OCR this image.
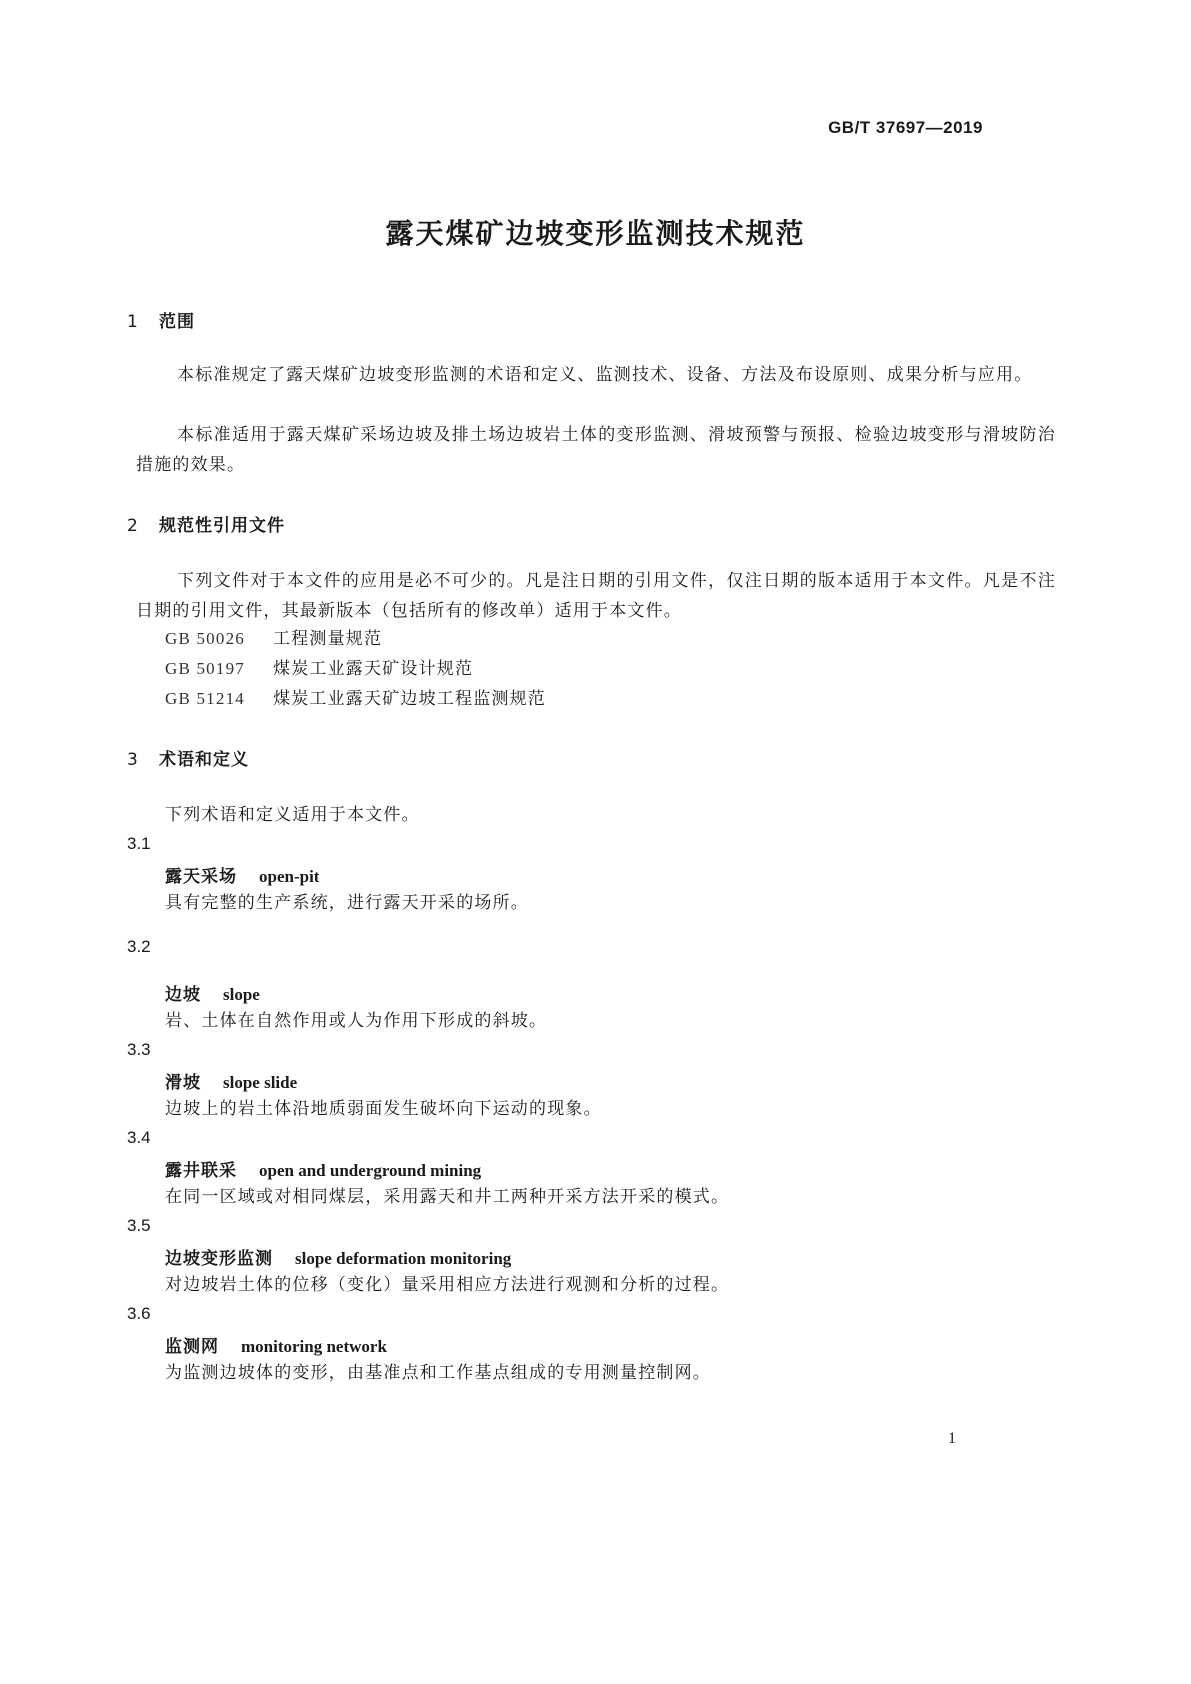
GB/T 37697—2019
露天煤矿边坡变形监测技术规范
1 范围
本标准规定了露天煤矿边坡变形监测的术语和定义、监测技术、设备、方法及布设原则、成果分析与应用。
本标准适用于露天煤矿采场边坡及排土场边坡岩土体的变形监测、滑坡预警与预报、检验边坡变形与滑坡防治措施的效果。
2 规范性引用文件
下列文件对于本文件的应用是必不可少的。凡是注日期的引用文件，仅注日期的版本适用于本文件。凡是不注日期的引用文件，其最新版本（包括所有的修改单）适用于本文件。
GB 50026 工程测量规范
GB 50197 煤炭工业露天矿设计规范
GB 51214 煤炭工业露天矿边坡工程监测规范
3 术语和定义
下列术语和定义适用于本文件。
3.1
露天采场 open-pit
具有完整的生产系统，进行露天开采的场所。
3.2
边坡 slope
岩、土体在自然作用或人为作用下形成的斜坡。
3.3
滑坡 slope slide
边坡上的岩土体沿地质弱面发生破坏向下运动的现象。
3.4
露井联采 open and underground mining
在同一区域或对相同煤层，采用露天和井工两种开采方法开采的模式。
3.5
边坡变形监测 slope deformation monitoring
对边坡岩土体的位移（变化）量采用相应方法进行观测和分析的过程。
3.6
监测网 monitoring network
为监测边坡体的变形，由基准点和工作基点组成的专用测量控制网。
1
